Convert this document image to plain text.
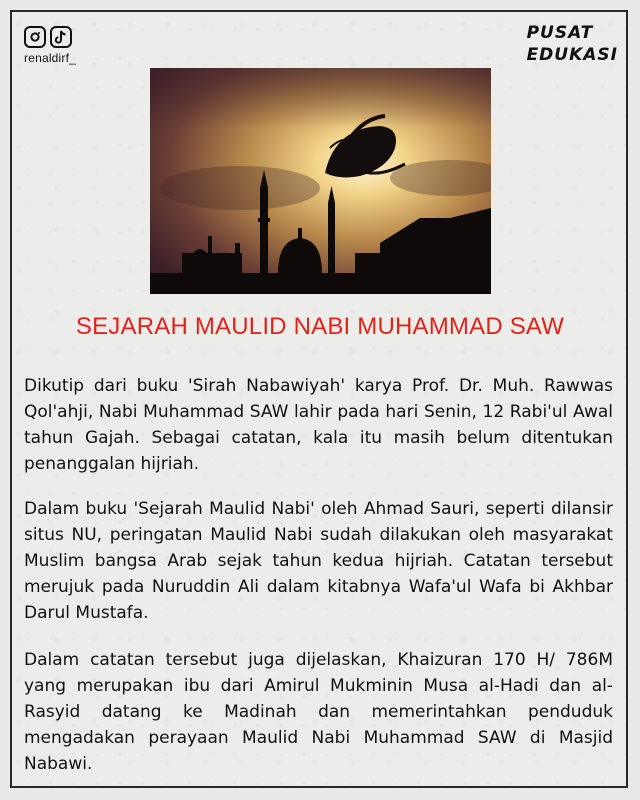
renaldirf_
PUSAT
EDUKASI
SEJARAH MAULID NABI MUHAMMAD SAW

Dikutip dari buku 'Sirah Nabawiyah' karya Prof. Dr. Muh. Rawwas Qol'ahji, Nabi Muhammad SAW lahir pada hari Senin, 12 Rabi'ul Awal tahun Gajah. Sebagai catatan, kala itu masih belum ditentukan penanggalan hijriah.

Dalam buku 'Sejarah Maulid Nabi' oleh Ahmad Sauri, seperti dilansir situs NU, peringatan Maulid Nabi sudah dilakukan oleh masyarakat Muslim bangsa Arab sejak tahun kedua hijriah. Catatan tersebut merujuk pada Nuruddin Ali dalam kitabnya Wafa'ul Wafa bi Akhbar Darul Mustafa.

Dalam catatan tersebut juga dijelaskan, Khaizuran 170 H/ 786M yang merupakan ibu dari Amirul Mukminin Musa al-Hadi dan al-Rasyid datang ke Madinah dan memerintahkan penduduk mengadakan perayaan Maulid Nabi Muhammad SAW di Masjid Nabawi.
